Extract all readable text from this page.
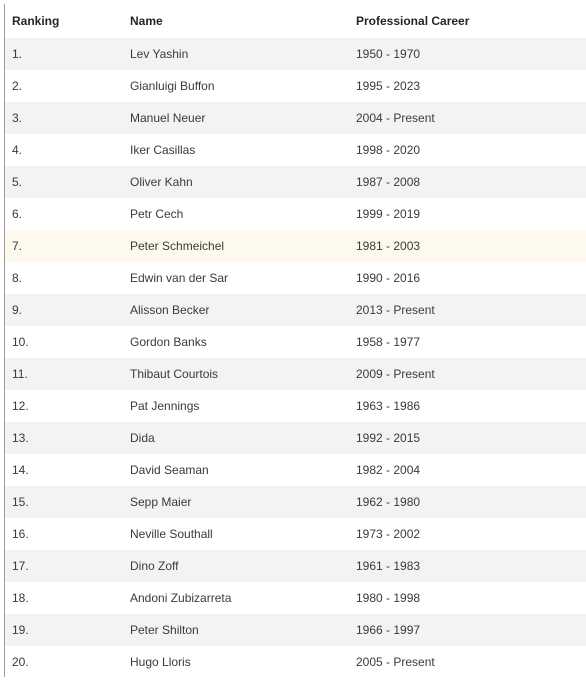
Ranking	Name	Professional Career
1.	Lev Yashin	1950 - 1970
2.	Gianluigi Buffon	1995 - 2023
3.	Manuel Neuer	2004 - Present
4.	Iker Casillas	1998 - 2020
5.	Oliver Kahn	1987 - 2008
6.	Petr Cech	1999 - 2019
7.	Peter Schmeichel	1981 - 2003
8.	Edwin van der Sar	1990 - 2016
9.	Alisson Becker	2013 - Present
10.	Gordon Banks	1958 - 1977
11.	Thibaut Courtois	2009 - Present
12.	Pat Jennings	1963 - 1986
13.	Dida	1992 - 2015
14.	David Seaman	1982 - 2004
15.	Sepp Maier	1962 - 1980
16.	Neville Southall	1973 - 2002
17.	Dino Zoff	1961 - 1983
18.	Andoni Zubizarreta	1980 - 1998
19.	Peter Shilton	1966 - 1997
20.	Hugo Lloris	2005 - Present
